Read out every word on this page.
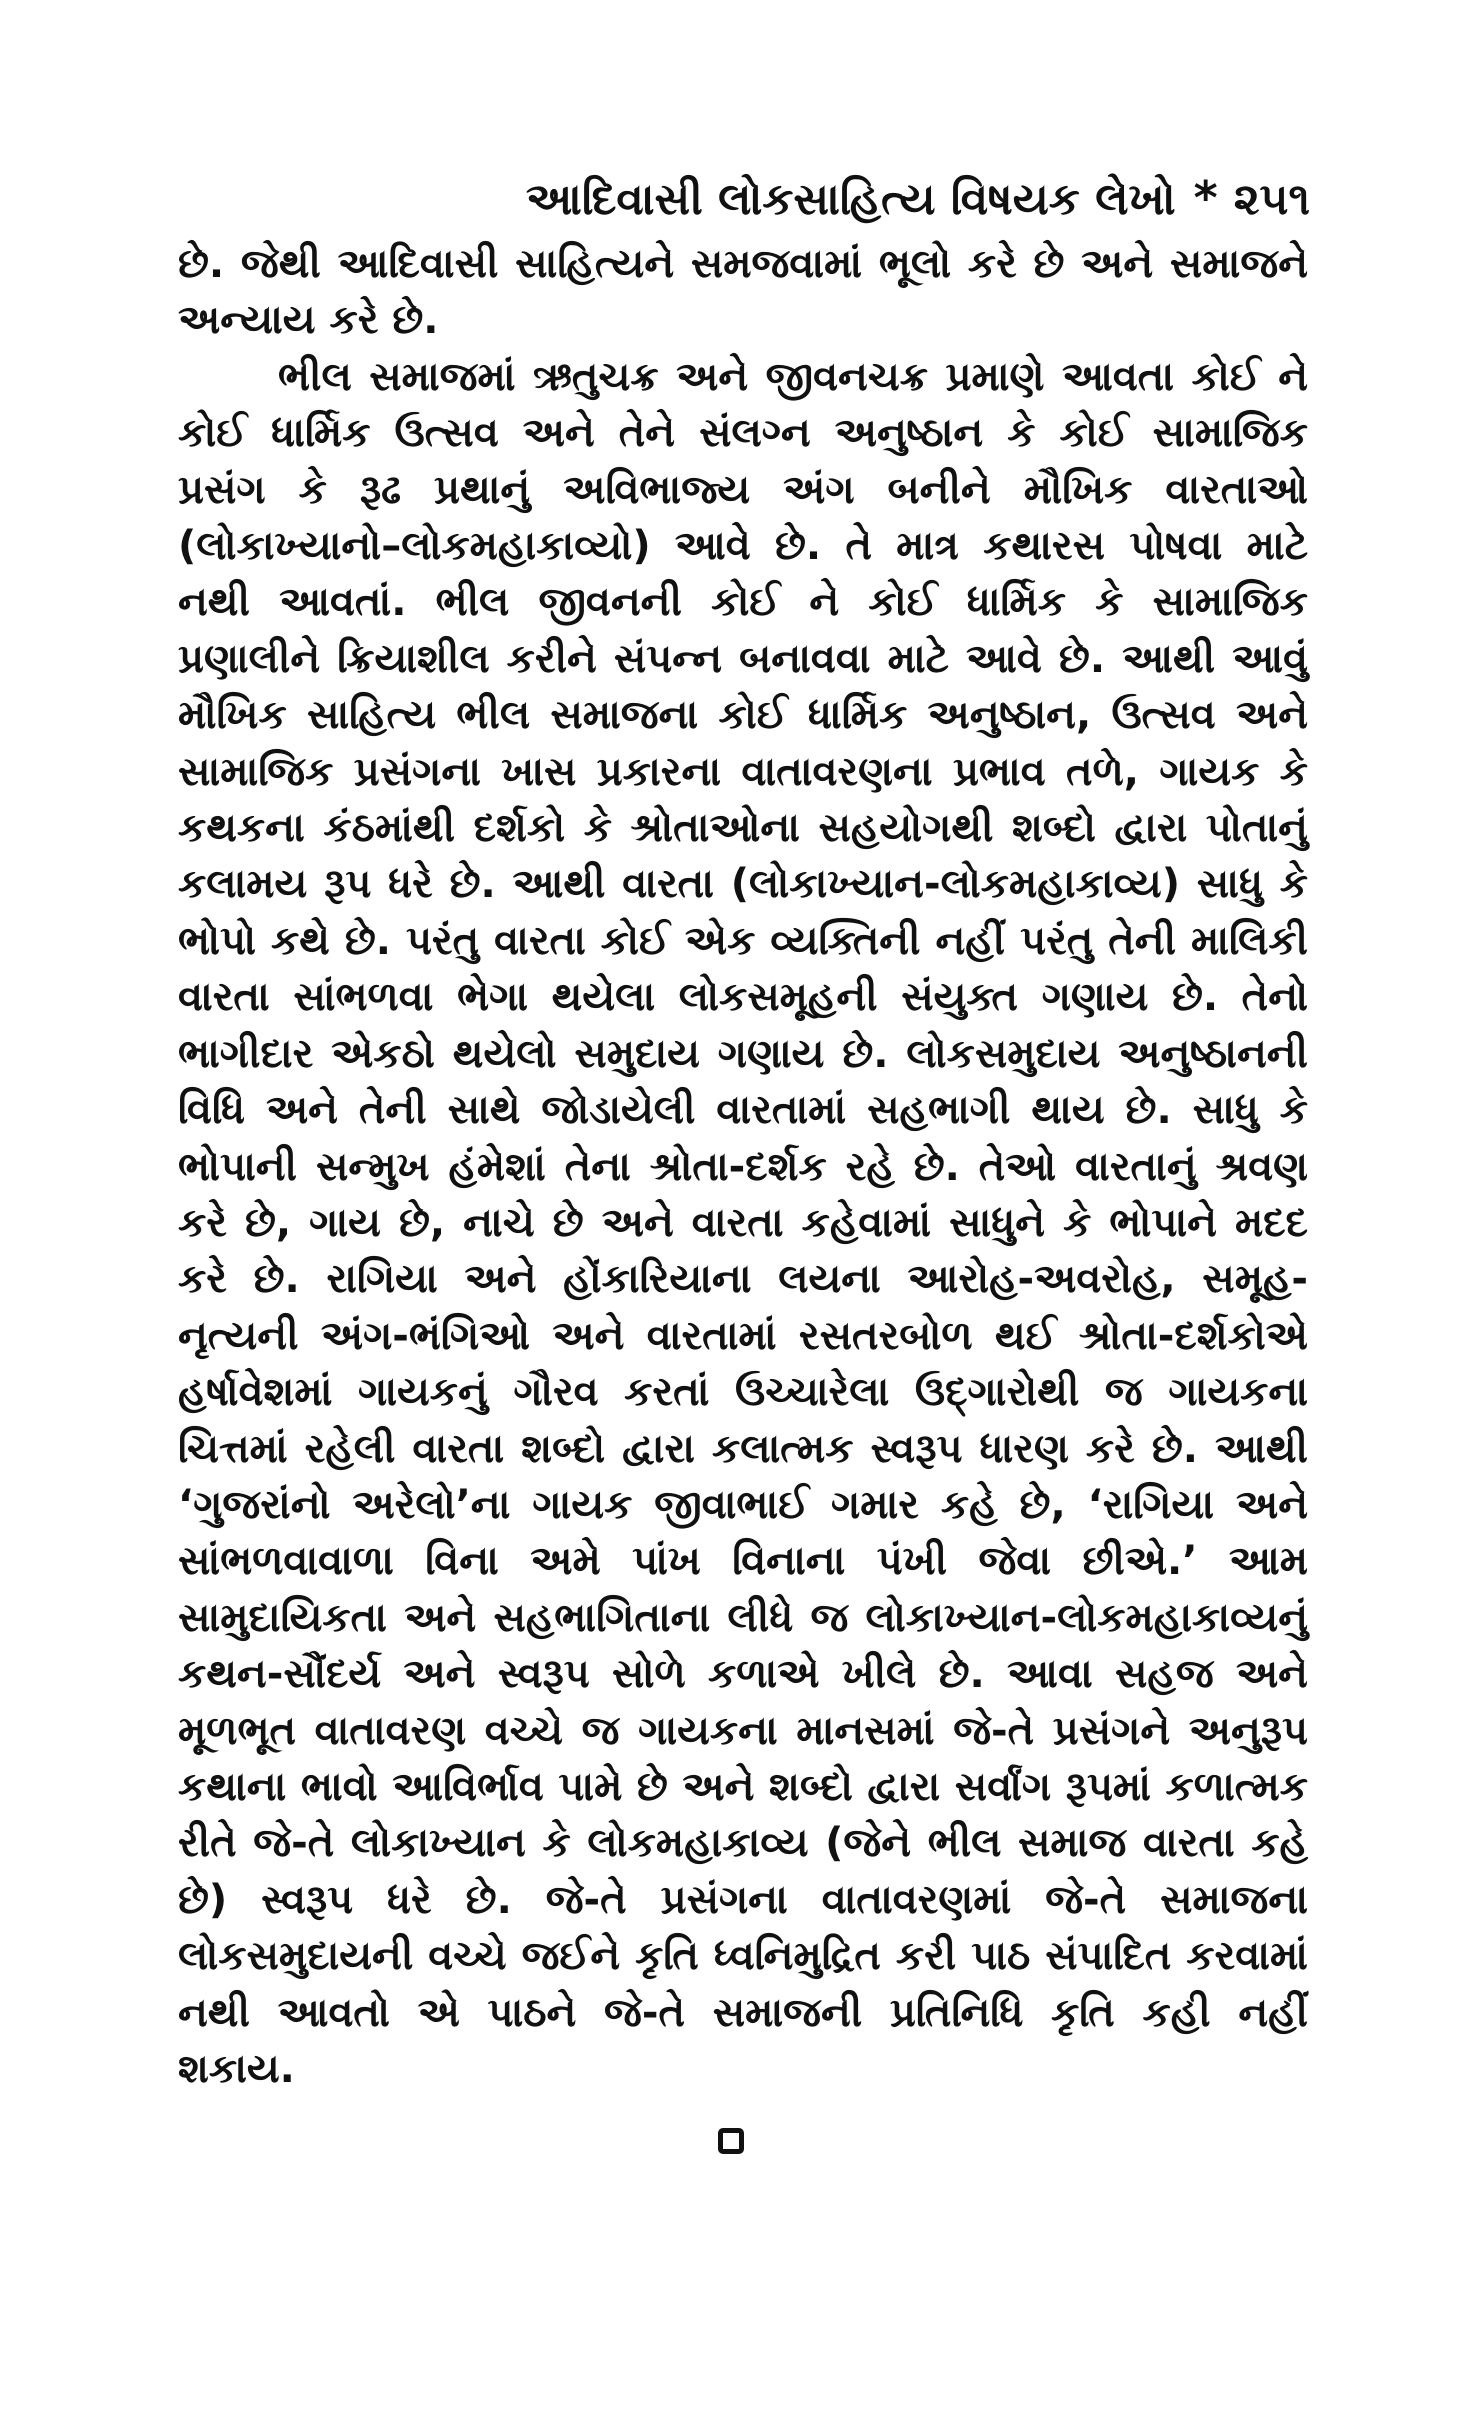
આદિવાસી લોકસાહિત્ય વિષયક લેખો * ૨૫૧

છે. જેથી આદિવાસી સાહિત્યને સમજવામાં ભૂલો કરે છે અને સમાજને અન્યાય કરે છે.

ભીલ સમાજમાં ઋતુચક્ર અને જીવનચક્ર પ્રમાણે આવતા કોઈ ને કોઈ ધાર્મિક ઉત્સવ અને તેને સંલગ્ન અનુષ્ઠાન કે કોઈ સામાજિક પ્રસંગ કે રૂઢ પ્રથાનું અવિભાજ્ય અંગ બનીને મૌખિક વારતાઓ (લોકાખ્યાનો–લોકમહાકાવ્યો) આવે છે. તે માત્ર કથારસ પોષવા માટે નથી આવતાં. ભીલ જીવનની કોઈ ને કોઈ ધાર્મિક કે સામાજિક પ્રણાલીને ક્રિયાશીલ કરીને સંપન્ન બનાવવા માટે આવે છે. આથી આવું મૌખિક સાહિત્ય ભીલ સમાજના કોઈ ધાર્મિક અનુષ્ઠાન, ઉત્સવ અને સામાજિક પ્રસંગના ખાસ પ્રકારના વાતાવરણના પ્રભાવ તળે, ગાયક કે કથકના કંઠમાંથી દર્શકો કે શ્રોતાઓના સહયોગથી શબ્દો દ્વારા પોતાનું કલામય રૂપ ધરે છે. આથી વારતા (લોકાખ્યાન-લોકમહાકાવ્ય) સાધુ કે ભોપો કથે છે. પરંતુ વારતા કોઈ એક વ્યક્તિની નહીં પરંતુ તેની માલિકી વારતા સાંભળવા ભેગા થયેલા લોકસમૂહની સંયુક્ત ગણાય છે. તેનો ભાગીદાર એકઠો થયેલો સમુદાય ગણાય છે. લોકસમુદાય અનુષ્ઠાનની વિધિ અને તેની સાથે જોડાયેલી વારતામાં સહભાગી થાય છે. સાધુ કે ભોપાની સન્મુખ હંમેશાં તેના શ્રોતા-દર્શક રહે છે. તેઓ વારતાનું શ્રવણ કરે છે, ગાય છે, નાચે છે અને વારતા કહેવામાં સાધુને કે ભોપાને મદદ કરે છે. રાગિયા અને હોંકારિયાના લયના આરોહ-અવરોહ, સમૂહ-નૃત્યની અંગ-ભંગિઓ અને વારતામાં રસતરબોળ થઈ શ્રોતા-દર્શકોએ હર્ષાવેશમાં ગાયકનું ગૌરવ કરતાં ઉચ્ચારેલા ઉદ્‌ગારોથી જ ગાયકના ચિત્તમાં રહેલી વારતા શબ્દો દ્વારા કલાત્મક સ્વરૂપ ધારણ કરે છે. આથી ‘ગુજરાંનો અરેલો’ના ગાયક જીવાભાઈ ગમાર કહે છે, ‘રાગિયા અને સાંભળવાવાળા વિના અમે પાંખ વિનાના પંખી જેવા છીએ.’ આમ સામુદાયિકતા અને સહભાગિતાના લીધે જ લોકાખ્યાન-લોકમહાકાવ્યનું કથન-સૌંદર્ય અને સ્વરૂપ સોળે કળાએ ખીલે છે. આવા સહજ અને મૂળભૂત વાતાવરણ વચ્ચે જ ગાયકના માનસમાં જે-તે પ્રસંગને અનુરૂપ કથાના ભાવો આવિર્ભાવ પામે છે અને શબ્દો દ્વારા સર્વાંગ રૂપમાં કળાત્મક રીતે જે-તે લોકાખ્યાન કે લોકમહાકાવ્ય (જેને ભીલ સમાજ વારતા કહે છે) સ્વરૂપ ધરે છે. જે-તે પ્રસંગના વાતાવરણમાં જે-તે સમાજના લોકસમુદાયની વચ્ચે જઈને કૃતિ ધ્વનિમુદ્રિત કરી પાઠ સંપાદિત કરવામાં નથી આવતો એ પાઠને જે-તે સમાજની પ્રતિનિધિ કૃતિ કહી નહીં શકાય.
